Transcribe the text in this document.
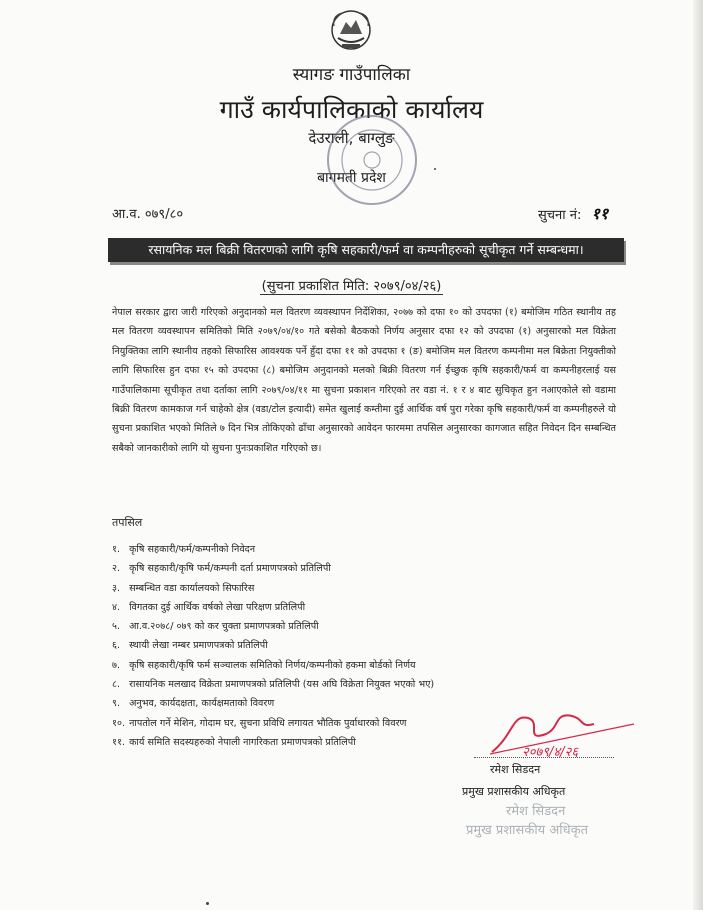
स्यागङ गाउँपालिका
गाउँ कार्यपालिकाको कार्यालय
देउराली, बाग्लुङ
बागमती प्रदेश
आ.व. ०७९/८०	सुचना नं: ११
रसायनिक मल बिक्री वितरणको लागि कृषि सहकारी/फर्म वा कम्पनीहरुको सूचीकृत गर्ने सम्बन्धमा।
(सुचना प्रकाशित मिति: २०७९/०४/२६)
नेपाल सरकार द्वारा जारी गरिएको अनुदानको मल वितरण व्यवस्थापन निर्देशिका, २०७७ को दफा १० को उपदफा (१) बमोजिम गठित स्थानीय तह मल वितरण व्यवस्थापन समितिको मिति २०७९/०४/१० गते बसेको बैठकको निर्णय अनुसार दफा १२ को उपदफा (१) अनुसारको मल विक्रेता नियुक्तिका लागि स्थानीय तहको सिफारिस आवश्यक पर्ने हुँदा दफा ११ को उपदफा १ (ङ) बमोजिम मल वितरण कम्पनीमा मल बिक्रेता नियुक्तीको लागि सिफारिस हुन दफा १५ को उपदफा (८) बमोजिम अनुदानको मलको बिक्री वितरण गर्न ईच्छुक कृषि सहकारी/फर्म वा कम्पनीहरलाई यस गाउँपालिकामा सूचीकृत तथा दर्ताका लागि २०७९/०४/११ मा सुचना प्रकाशन गरिएको तर वडा नं. १ र ४ बाट सुचिकृत हुन नआएकोले सो वडामा बिक्री वितरण कामकाज गर्न चाहेको क्षेत्र (वडा/टोल इत्यादी) समेत खुलाई कम्तीमा दुई आर्थिक वर्ष पुरा गरेका कृषि सहकारी/फर्म वा कम्पनीहरुले यो सुचना प्रकाशित भएको मितिले ७ दिन भित्र तोकिएको ढाँचा अनुसारको आवेदन फारममा तपसिल अनुसारका कागजात सहित निवेदन दिन सम्बन्धित सबैको जानकारीको लागि यो सुचना पुनःप्रकाशित गरिएको छ।
तपसिल
१. कृषि सहकारी/फर्म/कम्पनीको निवेदन
२. कृषि सहकारी/कृषि फर्म/कम्पनी दर्ता प्रमाणपत्रको प्रतिलिपी
३. सम्बन्धित वडा कार्यालयको सिफारिस
४. विगतका दुई आर्थिक वर्षको लेखा परिक्षण प्रतिलिपी
५. आ.व.२०७८/ ०७९ को कर चुक्ता प्रमाणपत्रको प्रतिलिपी
६. स्थायी लेखा नम्बर प्रमाणपत्रको प्रतिलिपी
७. कृषि सहकारी/कृषि फर्म सञ्चालक समितिको निर्णय/कम्पनीको हकमा बोर्डको निर्णय
८. रासायनिक मलखाद विक्रेता प्रमाणपत्रको प्रतिलिपी (यस अघि विक्रेता नियुक्त भएको भए)
९. अनुभव, कार्यदक्षता, कार्यक्षमताको विवरण
१०. नापतोल गर्ने मेशिन, गोदाम घर, सुचना प्रविधि लगायत भौतिक पुर्वाधारको विवरण
११. कार्य समिति सदस्यहरुको नेपाली नागरिकता प्रमाणपत्रको प्रतिलिपी
२०७९/४/२६
रमेश सिडदन
प्रमुख प्रशासकीय अधिकृत
रमेश सिडदन
प्रमुख प्रशासकीय अधिकृत
